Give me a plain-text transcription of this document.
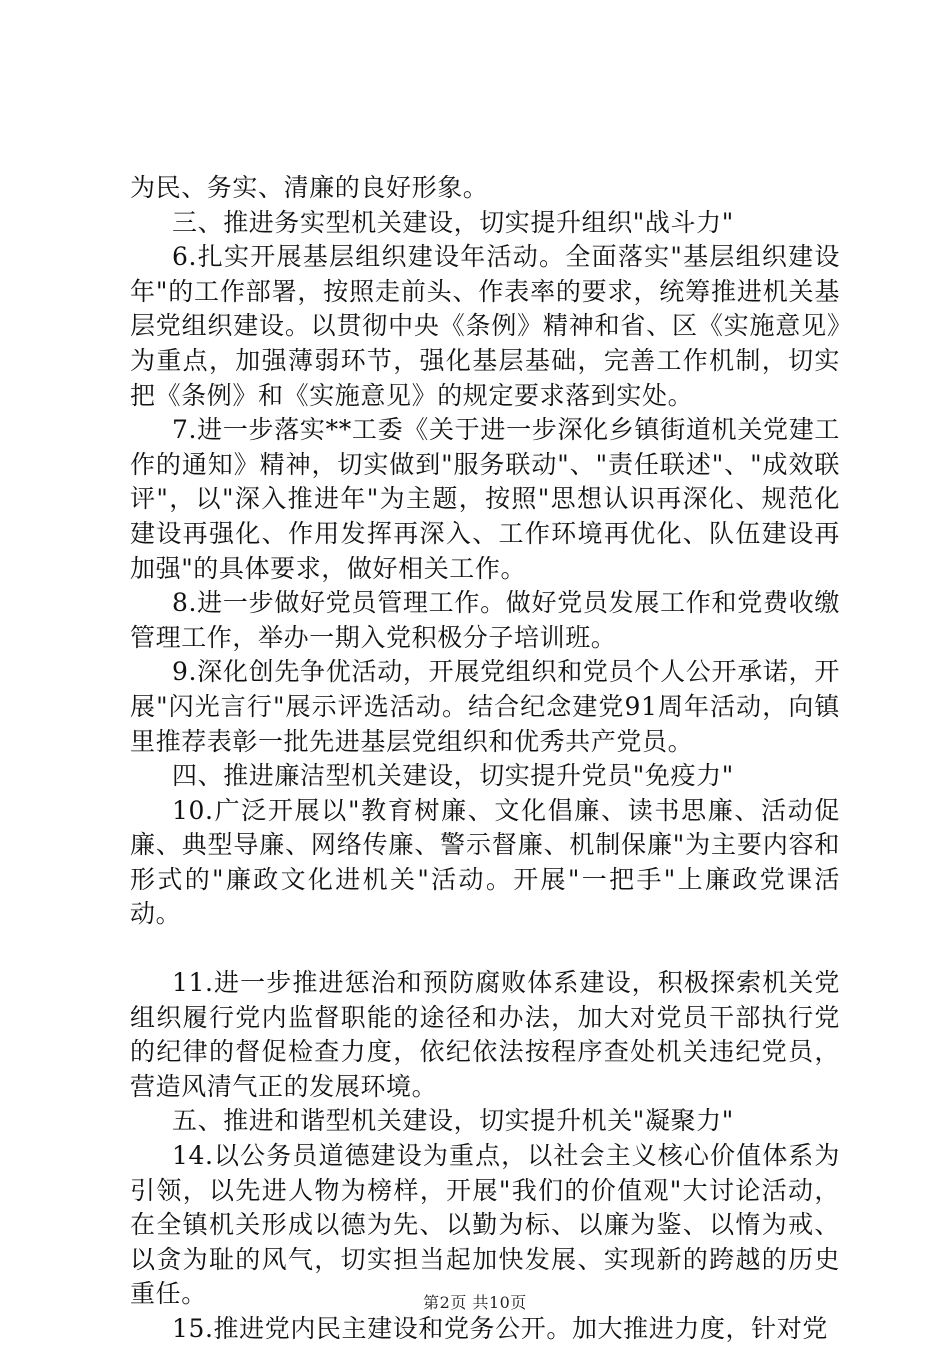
为民、务实、清廉的良好形象。

三、推进务实型机关建设，切实提升组织"战斗力"

6.扎实开展基层组织建设年活动。全面落实"基层组织建设年"的工作部署，按照走前头、作表率的要求，统筹推进机关基层党组织建设。以贯彻中央《条例》精神和省、区《实施意见》为重点，加强薄弱环节，强化基层基础，完善工作机制，切实把《条例》和《实施意见》的规定要求落到实处。

7.进一步落实**工委《关于进一步深化乡镇街道机关党建工作的通知》精神，切实做到"服务联动"、"责任联述"、"成效联评"，以"深入推进年"为主题，按照"思想认识再深化、规范化建设再强化、作用发挥再深入、工作环境再优化、队伍建设再加强"的具体要求，做好相关工作。

8.进一步做好党员管理工作。做好党员发展工作和党费收缴管理工作，举办一期入党积极分子培训班。

9.深化创先争优活动，开展党组织和党员个人公开承诺，开展"闪光言行"展示评选活动。结合纪念建党91周年活动，向镇里推荐表彰一批先进基层党组织和优秀共产党员。

四、推进廉洁型机关建设，切实提升党员"免疫力"

10.广泛开展以"教育树廉、文化倡廉、读书思廉、活动促廉、典型导廉、网络传廉、警示督廉、机制保廉"为主要内容和形式的"廉政文化进机关"活动。开展"一把手"上廉政党课活动。

11.进一步推进惩治和预防腐败体系建设，积极探索机关党组织履行党内监督职能的途径和办法，加大对党员干部执行党的纪律的督促检查力度，依纪依法按程序查处机关违纪党员，营造风清气正的发展环境。

五、推进和谐型机关建设，切实提升机关"凝聚力"

14.以公务员道德建设为重点，以社会主义核心价值体系为引领，以先进人物为榜样，开展"我们的价值观"大讨论活动，在全镇机关形成以德为先、以勤为标、以廉为鉴、以惰为戒、以贪为耻的风气，切实担当起加快发展、实现新的跨越的历史重任。

15.推进党内民主建设和党务公开。加大推进力度，针对党

第2页 共10页
